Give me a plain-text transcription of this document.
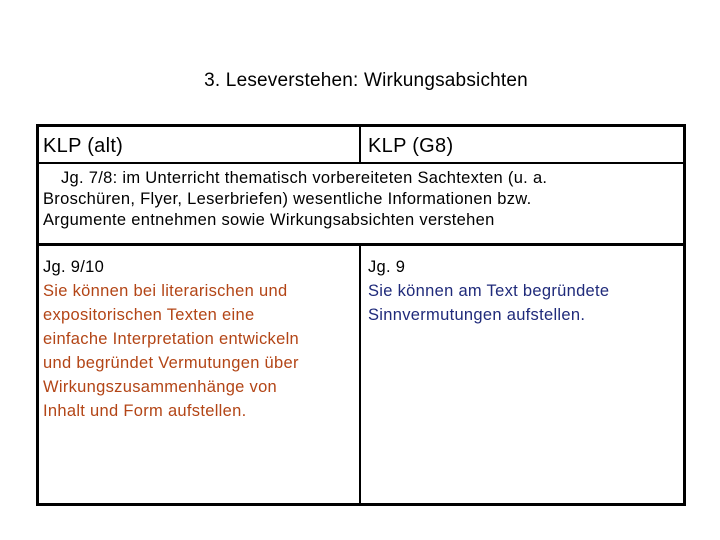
3. Leseverstehen: Wirkungsabsichten
KLP (alt)	KLP (G8)
Jg. 7/8: im Unterricht thematisch vorbereiteten Sachtexten (u. a.
Broschüren, Flyer, Leserbriefen) wesentliche Informationen bzw.
Argumente entnehmen sowie Wirkungsabsichten verstehen
Jg. 9/10
Sie können bei literarischen und
expositorischen Texten eine
einfache Interpretation entwickeln
und begründet Vermutungen über
Wirkungszusammenhänge von
Inhalt und Form aufstellen.
Jg. 9
Sie können am Text begründete
Sinnvermutungen aufstellen.
